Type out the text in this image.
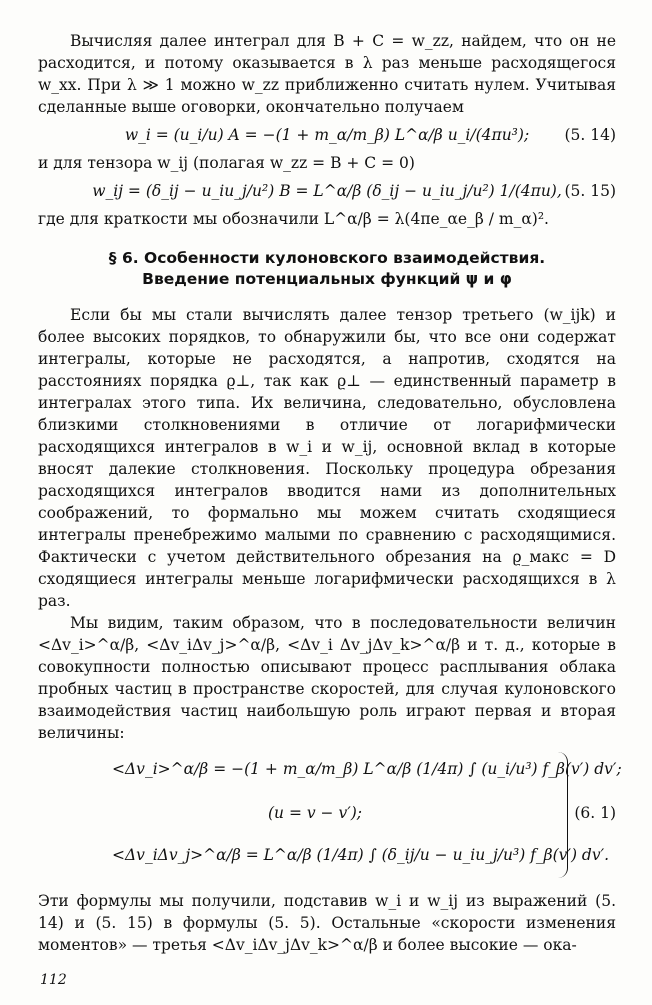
Вычисляя далее интеграл для B + C = w_zz, найдем, что он не расходится, и потому оказывается в λ раз меньше расходящегося w_xx. При λ ≫ 1 можно w_zz приближенно считать нулем. Учитывая сделанные выше оговорки, окончательно получаем

w_i = (u_i/u) A = −(1 + m_α/m_β) L^α/β u_i/(4πu³); (5. 14)

и для тензора w_ij (полагая w_zz = B + C = 0)

w_ij = (δ_ij − u_iu_j/u²) B = L^α/β (δ_ij − u_iu_j/u²) 1/(4πu), (5. 15)

где для краткости мы обозначили L^α/β = λ(4πe_αe_β / m_α)².

§ 6. Особенности кулоновского взаимодействия.
Введение потенциальных функций ψ и φ

Если бы мы стали вычислять далее тензор третьего (w_ijk) и более высоких порядков, то обнаружили бы, что все они содержат интегралы, которые не расходятся, а напротив, сходятся на расстояниях порядка ϱ⊥, так как ϱ⊥ — единственный параметр в интегралах этого типа. Их величина, следовательно, обусловлена близкими столкновениями в отличие от логарифмически расходящихся интегралов в w_i и w_ij, основной вклад в которые вносят далекие столкновения. Поскольку процедура обрезания расходящихся интегралов вводится нами из дополнительных соображений, то формально мы можем считать сходящиеся интегралы пренебрежимо малыми по сравнению с расходящимися. Фактически с учетом действительного обрезания на ϱ_макс = D сходящиеся интегралы меньше логарифмически расходящихся в λ раз.

Мы видим, таким образом, что в последовательности величин <Δv_i>^α/β, <Δv_iΔv_j>^α/β, <Δv_i Δv_jΔv_k>^α/β и т. д., которые в совокупности полностью описывают процесс расплывания облака пробных частиц в пространстве скоростей, для случая кулоновского взаимодействия частиц наибольшую роль играют первая и вторая величины:

<Δv_i>^α/β = −(1 + m_α/m_β) L^α/β (1/4π) ∫ (u_i/u³) f_β(v′) dv′;
(u = v − v′);
<Δv_iΔv_j>^α/β = L^α/β (1/4π) ∫ (δ_ij/u − u_iu_j/u³) f_β(v′) dv′.
(6. 1)

Эти формулы мы получили, подставив w_i и w_ij из выражений (5. 14) и (5. 15) в формулы (5. 5). Остальные «скорости изменения моментов» — третья <Δv_iΔv_jΔv_k>^α/β и более высокие — ока-

112
